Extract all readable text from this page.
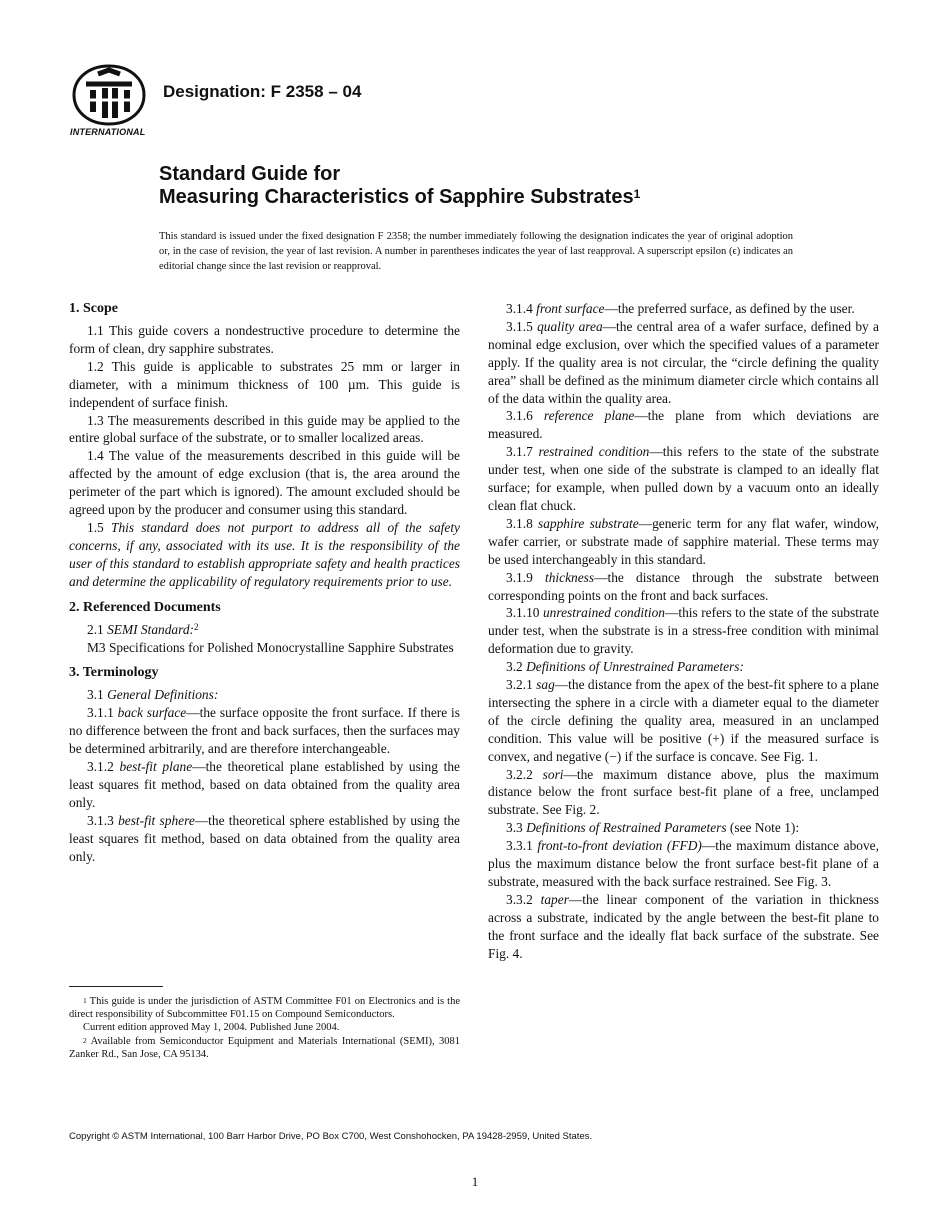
INTERNATIONAL
Designation: F 2358 – 04
Standard Guide for
Measuring Characteristics of Sapphire Substrates$^1$
This standard is issued under the fixed designation F 2358; the number immediately following the designation indicates the year of original adoption or, in the case of revision, the year of last revision. A number in parentheses indicates the year of last reapproval. A superscript epsilon (ϵ) indicates an editorial change since the last revision or reapproval.
1. Scope

1.1 This guide covers a nondestructive procedure to determine the form of clean, dry sapphire substrates.

1.2 This guide is applicable to substrates 25 mm or larger in diameter, with a minimum thickness of 100 µm. This guide is independent of surface finish.

1.3 The measurements described in this guide may be applied to the entire global surface of the substrate, or to smaller localized areas.

1.4 The value of the measurements described in this guide will be affected by the amount of edge exclusion (that is, the area around the perimeter of the part which is ignored). The amount excluded should be agreed upon by the producer and consumer using this standard.

1.5 This standard does not purport to address all of the safety concerns, if any, associated with its use. It is the responsibility of the user of this standard to establish appropriate safety and health practices and determine the applicability of regulatory requirements prior to use.

2. Referenced Documents

2.1 SEMI Standard:$^2$

M3 Specifications for Polished Monocrystalline Sapphire Substrates

3. Terminology

3.1 General Definitions:

3.1.1 back surface—the surface opposite the front surface. If there is no difference between the front and back surfaces, then the surfaces may be determined arbitrarily, and are therefore interchangeable.

3.1.2 best-fit plane—the theoretical plane established by using the least squares fit method, based on data obtained from the quality area only.

3.1.3 best-fit sphere—the theoretical sphere established by using the least squares fit method, based on data obtained from the quality area only.

3.1.4 front surface—the preferred surface, as defined by the user.

3.1.5 quality area—the central area of a wafer surface, defined by a nominal edge exclusion, over which the specified values of a parameter apply. If the quality area is not circular, the “circle defining the quality area” shall be defined as the minimum diameter circle which contains all of the data within the quality area.

3.1.6 reference plane—the plane from which deviations are measured.

3.1.7 restrained condition—this refers to the state of the substrate under test, when one side of the substrate is clamped to an ideally flat surface; for example, when pulled down by a vacuum onto an ideally clean flat chuck.

3.1.8 sapphire substrate—generic term for any flat wafer, window, wafer carrier, or substrate made of sapphire material. These terms may be used interchangeably in this standard.

3.1.9 thickness—the distance through the substrate between corresponding points on the front and back surfaces.

3.1.10 unrestrained condition—this refers to the state of the substrate under test, when the substrate is in a stress-free condition with minimal deformation due to gravity.

3.2 Definitions of Unrestrained Parameters:

3.2.1 sag—the distance from the apex of the best-fit sphere to a plane intersecting the sphere in a circle with a diameter equal to the diameter of the circle defining the quality area, measured in an unclamped condition. This value will be positive (+) if the measured surface is convex, and negative (−) if the surface is concave. See Fig. 1.

3.2.2 sori—the maximum distance above, plus the maximum distance below the front surface best-fit plane of a free, unclamped substrate. See Fig. 2.

3.3 Definitions of Restrained Parameters (see Note 1):

3.3.1 front-to-front deviation (FFD)—the maximum distance above, plus the maximum distance below the front surface best-fit plane of a substrate, measured with the back surface restrained. See Fig. 3.

3.3.2 taper—the linear component of the variation in thickness across a substrate, indicated by the angle between the best-fit plane to the front surface and the ideally flat back surface of the substrate. See Fig. 4.

$^1$ This guide is under the jurisdiction of ASTM Committee F01 on Electronics and is the direct responsibility of Subcommittee F01.15 on Compound Semiconductors.

Current edition approved May 1, 2004. Published June 2004.

$^2$ Available from Semiconductor Equipment and Materials International (SEMI), 3081 Zanker Rd., San Jose, CA 95134.

Copyright © ASTM International, 100 Barr Harbor Drive, PO Box C700, West Conshohocken, PA 19428-2959, United States.
1
